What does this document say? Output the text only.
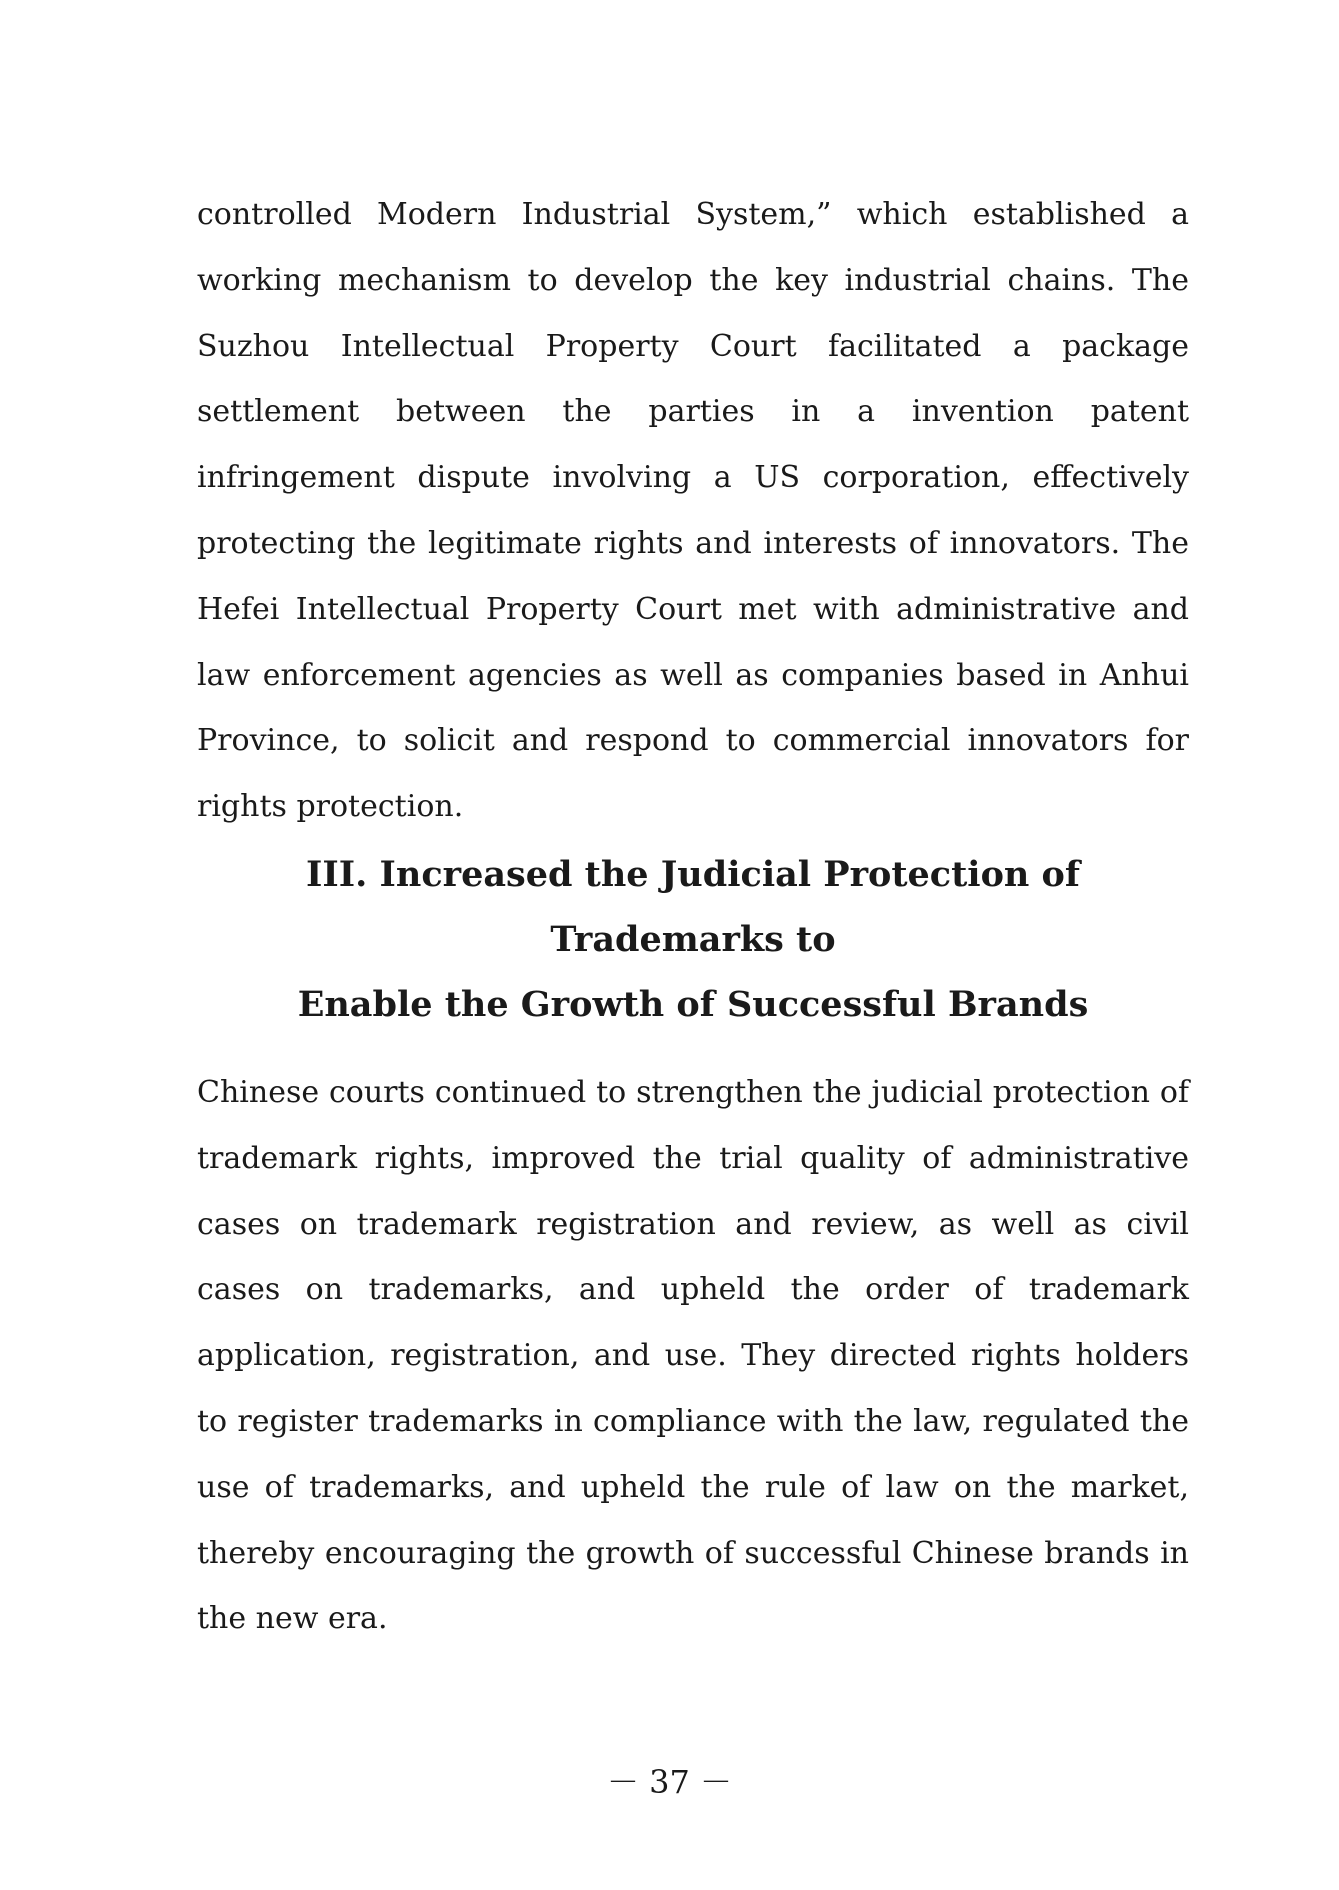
controlled Modern Industrial System,” which established a working mechanism to develop the key industrial chains. The Suzhou Intellectual Property Court facilitated a package settlement between the parties in a invention patent infringement dispute involving a US corporation, effectively protecting the legitimate rights and interests of innovators. The Hefei Intellectual Property Court met with administrative and law enforcement agencies as well as companies based in Anhui Province, to solicit and respond to commercial innovators for rights protection.

III. Increased the Judicial Protection of Trademarks to
Enable the Growth of Successful Brands

Chinese courts continued to strengthen the judicial protection of trademark rights, improved the trial quality of administrative cases on trademark registration and review, as well as civil cases on trademarks, and upheld the order of trademark application, registration, and use. They directed rights holders to register trademarks in compliance with the law, regulated the use of trademarks, and upheld the rule of law on the market, thereby encouraging the growth of successful Chinese brands in the new era.

－ 37 －
